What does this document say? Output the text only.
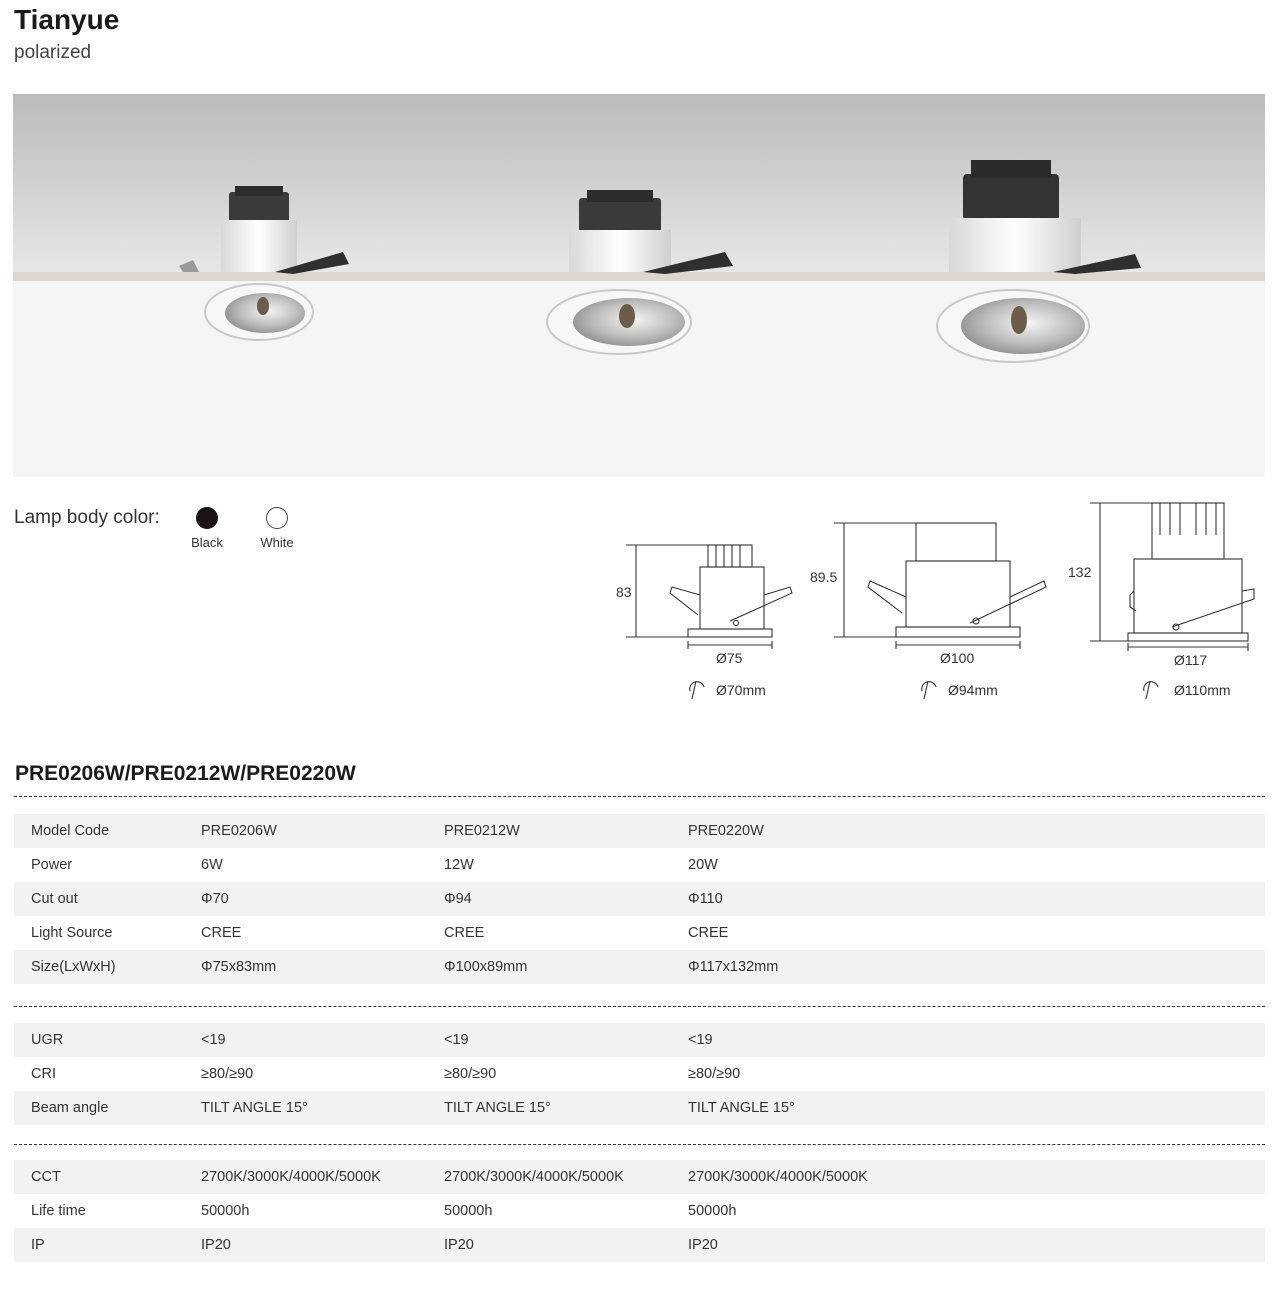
Tianyue
polarized
Lamp body color:
Black	White
83
Ø75
Ø70mm
89.5
Ø100
Ø94mm
132
Ø117
Ø110mm
PRE0206W/PRE0212W/PRE0220W
Model Code	PRE0206W	PRE0212W	PRE0220W
Power	6W	12W	20W
Cut out	Φ70	Φ94	Φ110
Light Source	CREE	CREE	CREE
Size(LxWxH)	Φ75x83mm	Φ100x89mm	Φ117x132mm
UGR	<19	<19	<19
CRI	≥80/≥90	≥80/≥90	≥80/≥90
Beam angle	TILT ANGLE 15°	TILT ANGLE 15°	TILT ANGLE 15°
CCT	2700K/3000K/4000K/5000K	2700K/3000K/4000K/5000K	2700K/3000K/4000K/5000K
Life time	50000h	50000h	50000h
IP	IP20	IP20	IP20
